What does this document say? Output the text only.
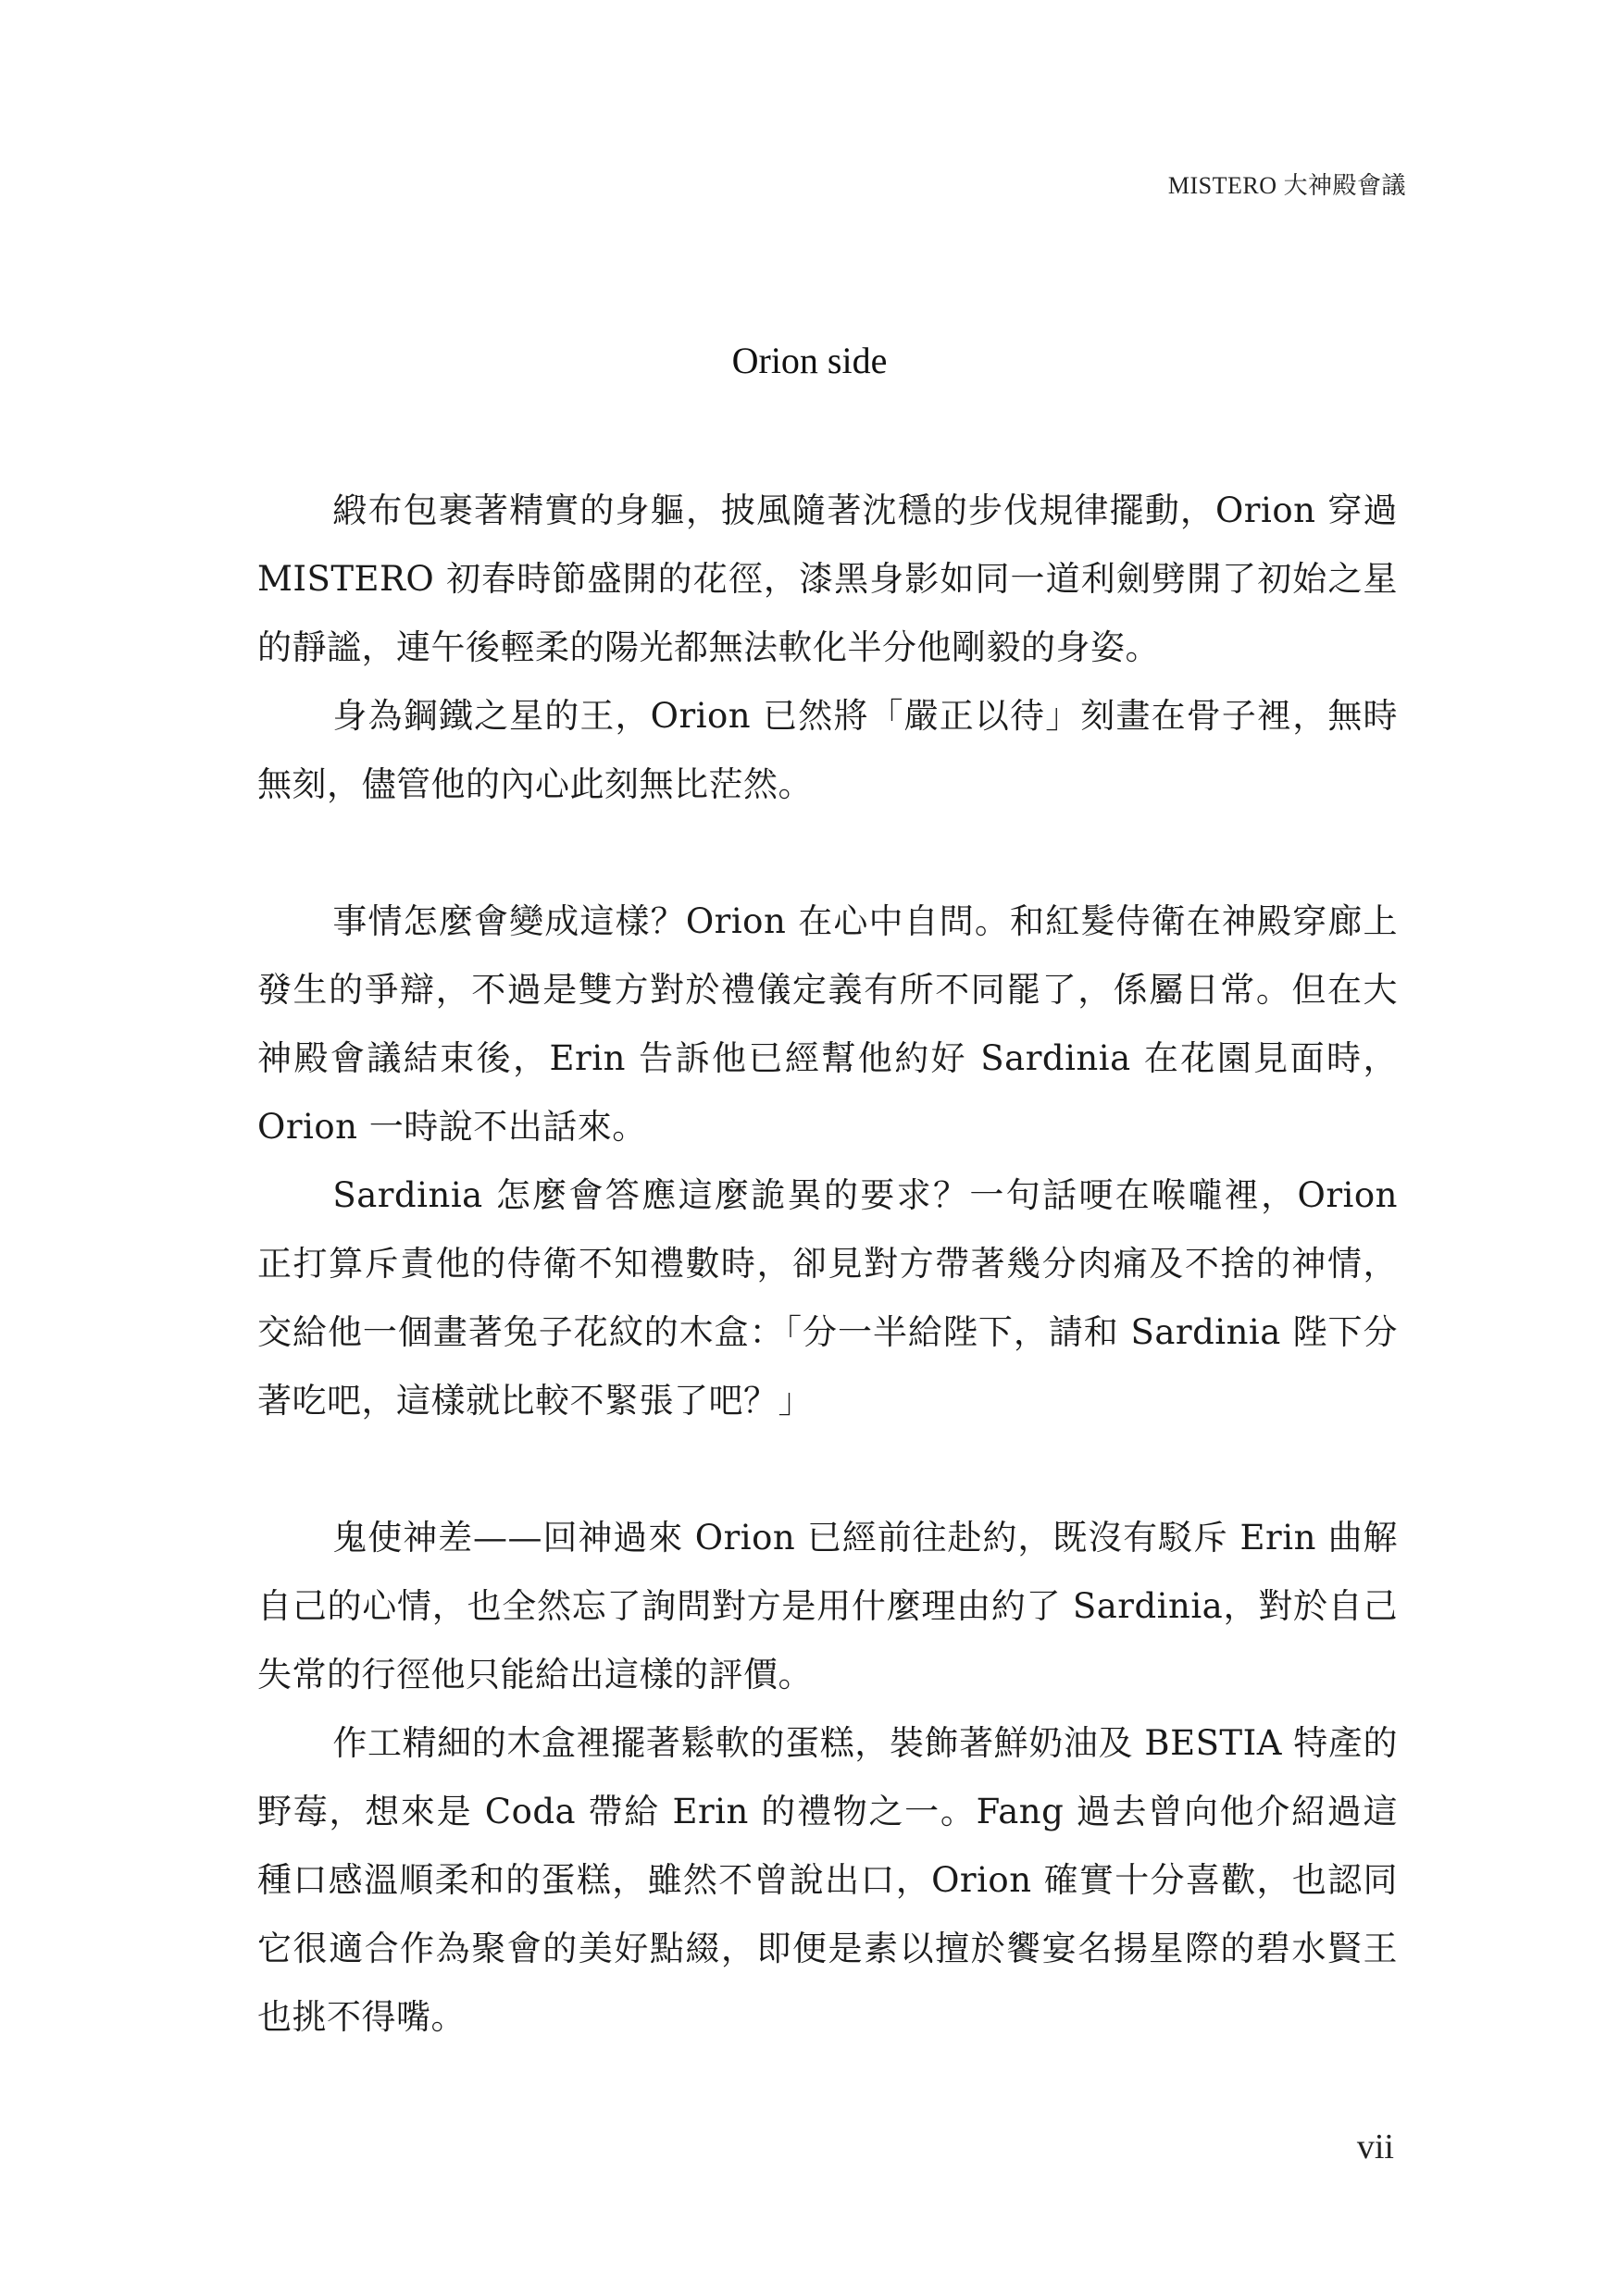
MISTERO 大神殿會議
Orion side

緞布包裹著精實的身軀，披風隨著沈穩的步伐規律擺動，Orion 穿過 MISTERO 初春時節盛開的花徑，漆黑身影如同一道利劍劈開了初始之星的靜謐，連午後輕柔的陽光都無法軟化半分他剛毅的身姿。

身為鋼鐵之星的王，Orion 已然將「嚴正以待」刻畫在骨子裡，無時無刻，儘管他的內心此刻無比茫然。

事情怎麼會變成這樣？Orion 在心中自問。和紅髮侍衛在神殿穿廊上發生的爭辯，不過是雙方對於禮儀定義有所不同罷了，係屬日常。但在大神殿會議結束後，Erin 告訴他已經幫他約好 Sardinia 在花園見面時，Orion 一時說不出話來。

Sardinia 怎麼會答應這麼詭異的要求？一句話哽在喉嚨裡，Orion 正打算斥責他的侍衛不知禮數時，卻見對方帶著幾分肉痛及不捨的神情，交給他一個畫著兔子花紋的木盒：「分一半給陛下，請和 Sardinia 陛下分著吃吧，這樣就比較不緊張了吧？」

鬼使神差——回神過來 Orion 已經前往赴約，既沒有駁斥 Erin 曲解自己的心情，也全然忘了詢問對方是用什麼理由約了 Sardinia，對於自己失常的行徑他只能給出這樣的評價。

作工精細的木盒裡擺著鬆軟的蛋糕，裝飾著鮮奶油及 BESTIA 特產的野莓，想來是 Coda 帶給 Erin 的禮物之一。Fang 過去曾向他介紹過這種口感溫順柔和的蛋糕，雖然不曾說出口，Orion 確實十分喜歡，也認同它很適合作為聚會的美好點綴，即便是素以擅於饗宴名揚星際的碧水賢王也挑不得嘴。

vii
